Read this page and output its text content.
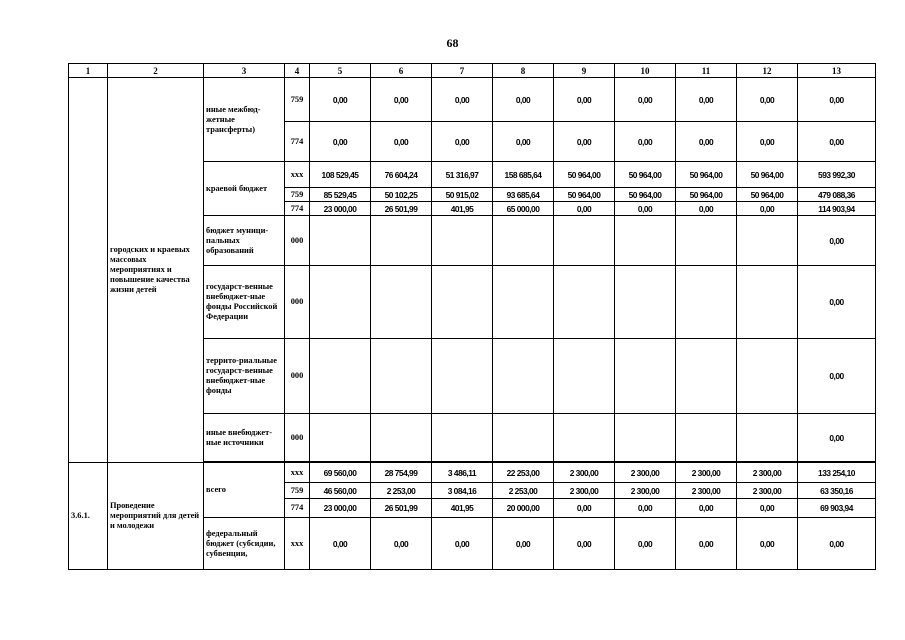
68
1	2	3	4	5	6	7	8	9	10	11	12	13
	городских и краевых массовых мероприятиях и повышение качества жизни детей	иные межбюд-жетные трансферты)	759	0,00	0,00	0,00	0,00	0,00	0,00	0,00	0,00	0,00
			774	0,00	0,00	0,00	0,00	0,00	0,00	0,00	0,00	0,00
		краевой бюджет	ххх	108 529,45	76 604,24	51 316,97	158 685,64	50 964,00	50 964,00	50 964,00	50 964,00	593 992,30
			759	85 529,45	50 102,25	50 915,02	93 685,64	50 964,00	50 964,00	50 964,00	50 964,00	479 088,36
			774	23 000,00	26 501,99	401,95	65 000,00	0,00	0,00	0,00	0,00	114 903,94
		бюджет муници-пальных образований	000									0,00
		государст-венные внебюджет-ные фонды Российской Федерации	000									0,00
		террито-риальные государст-венные внебюджет-ные фонды	000									0,00
		иные внебюджет-ные источники	000									0,00

3.6.1.	Проведение мероприятий для детей и молодежи	всего	ххх	69 560,00	28 754,99	3 486,11	22 253,00	2 300,00	2 300,00	2 300,00	2 300,00	133 254,10
			759	46 560,00	2 253,00	3 084,16	2 253,00	2 300,00	2 300,00	2 300,00	2 300,00	63 350,16
			774	23 000,00	26 501,99	401,95	20 000,00	0,00	0,00	0,00	0,00	69 903,94
		федеральный бюджет (субсидии, субвенции,	ххх	0,00	0,00	0,00	0,00	0,00	0,00	0,00	0,00	0,00
